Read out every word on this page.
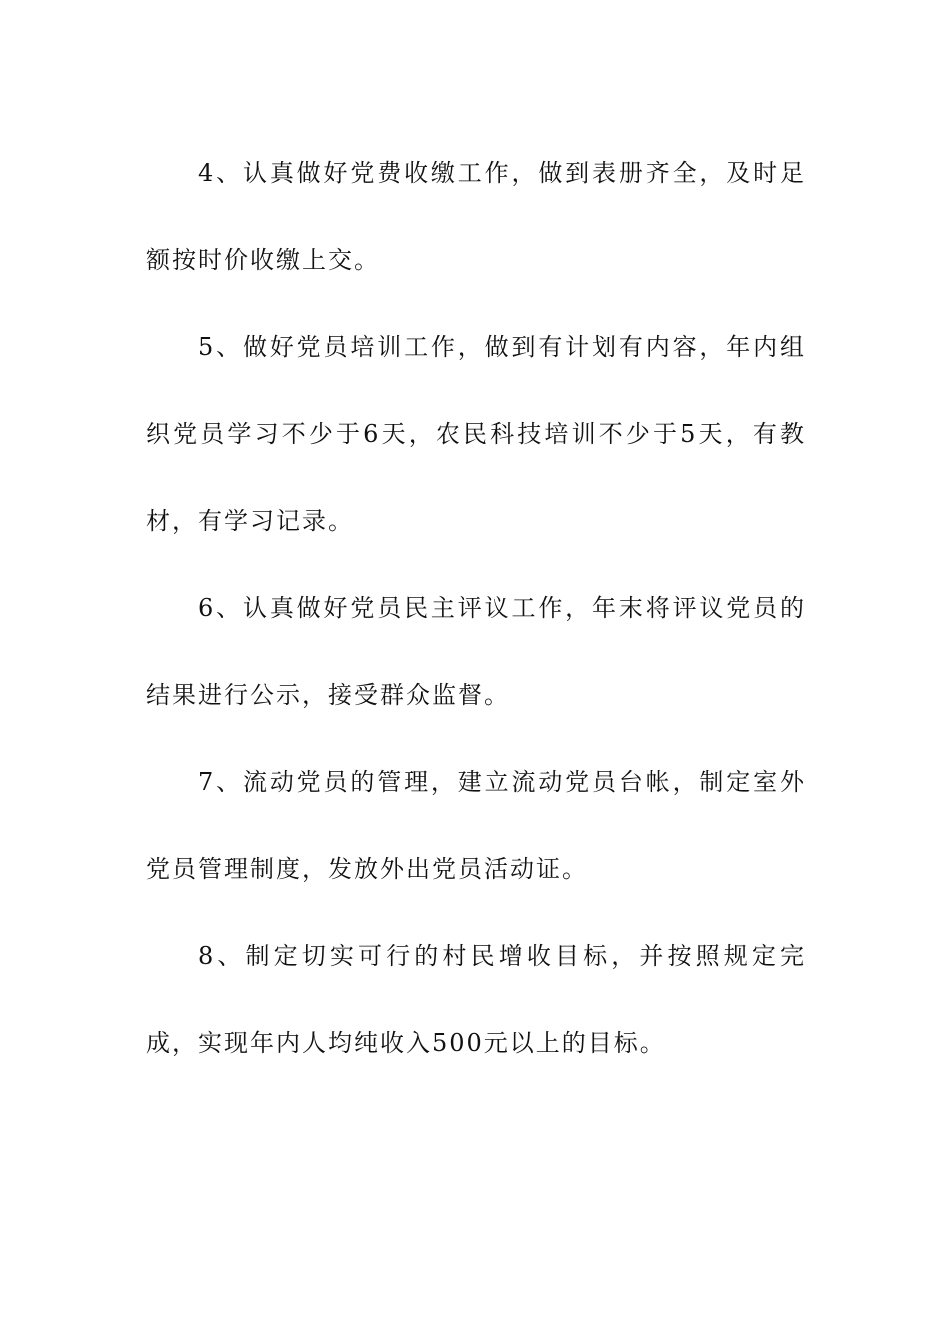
4、认真做好党费收缴工作，做到表册齐全，及时足额按时价收缴上交。

5、做好党员培训工作，做到有计划有内容，年内组织党员学习不少于6天，农民科技培训不少于5天，有教材，有学习记录。

6、认真做好党员民主评议工作，年末将评议党员的结果进行公示，接受群众监督。

7、流动党员的管理，建立流动党员台帐，制定室外党员管理制度，发放外出党员活动证。

8、制定切实可行的村民增收目标，并按照规定完成，实现年内人均纯收入500元以上的目标。
